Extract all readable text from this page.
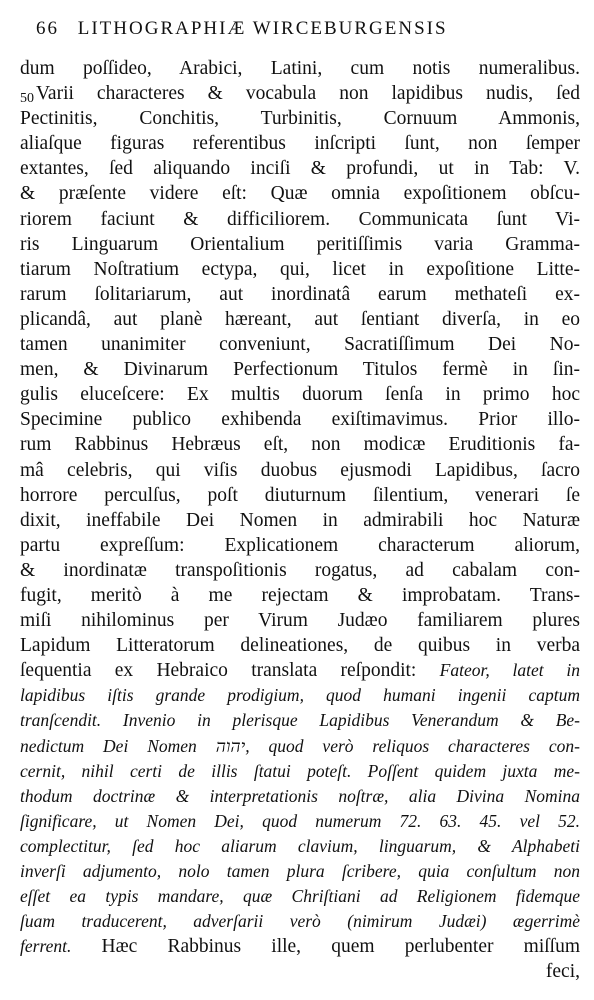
66 LITHOGRAPHIÆ WIRCEBURGENSIS
dum poſſideo, Arabici, Latini, cum notis numeralibus.
50 Varii characteres & vocabula non lapidibus nudis, ſed
Pectinitis, Conchitis, Turbinitis, Cornuum Ammonis,
aliaſque figuras referentibus inſcripti ſunt, non ſemper
extantes, ſed aliquando inciſi & profundi, ut in Tab: V.
& præſente videre eſt: Quæ omnia expoſitionem obſcu-
riorem faciunt & difficiliorem. Communicata ſunt Vi-
ris Linguarum Orientalium peritiſſimis varia Gramma-
tiarum Noſtratium ectypa, qui, licet in expoſitione Litte-
rarum ſolitariarum, aut inordinatâ earum methateſi ex-
plicandâ, aut planè hæreant, aut ſentiant diverſa, in eo
tamen unanimiter conveniunt, Sacratiſſimum Dei No-
men, & Divinarum Perfectionum Titulos fermè in ſin-
gulis eluceſcere: Ex multis duorum ſenſa in primo hoc
Specimine publico exhibenda exiſtimavimus. Prior illo-
rum Rabbinus Hebræus eſt, non modicæ Eruditionis fa-
mâ celebris, qui viſis duobus ejusmodi Lapidibus, ſacro
horrore perculſus, poſt diuturnum ſilentium, venerari ſe
dixit, ineffabile Dei Nomen in admirabili hoc Naturæ
partu expreſſum: Explicationem characterum aliorum,
& inordinatæ transpoſitionis rogatus, ad cabalam con-
fugit, meritò à me rejectam & improbatam. Trans-
miſi nihilominus per Virum Judæo familiarem plures
Lapidum Litteratorum delineationes, de quibus in verba
ſequentia ex Hebraico translata reſpondit: Fateor, latet in
lapidibus iſtis grande prodigium, quod humani ingenii captum
tranſcendit. Invenio in plerisque Lapidibus Venerandum & Be-
nedictum Dei Nomen יהוה, quod verò reliquos characteres con-
cernit, nihil certi de illis ſtatui poteſt. Poſſent quidem juxta me-
thodum doctrinæ & interpretationis noſtræ, alia Divina Nomina
ſignificare, ut Nomen Dei, quod numerum 72. 63. 45. vel 52.
complectitur, ſed hoc aliarum clavium, linguarum, & Alphabeti
inverſi adjumento, nolo tamen plura ſcribere, quia conſultum non
eſſet ea typis mandare, quæ Chriſtiani ad Religionem fidemque
ſuam traducerent, adverſarii verò (nimirum Judæi) ægerrimè
ferrent. Hæc Rabbinus ille, quem perlubenter miſſum
feci,
